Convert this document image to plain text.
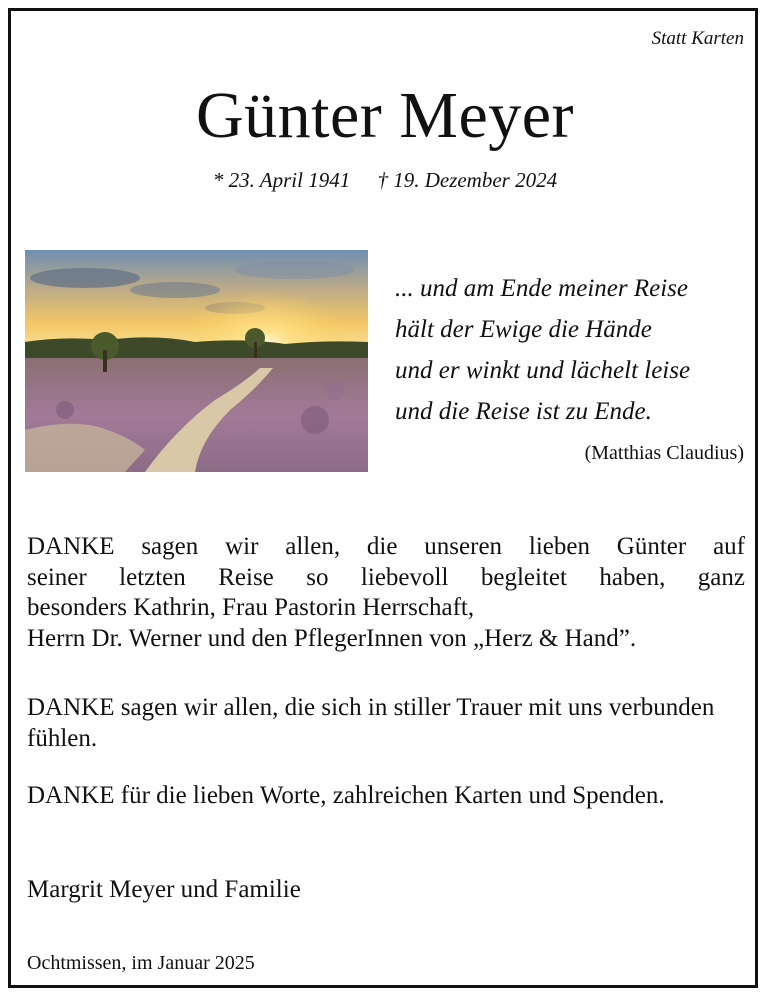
Statt Karten
Günter Meyer
* 23. April 1941 † 19. Dezember 2024
... und am Ende meiner Reise
hält der Ewige die Hände
und er winkt und lächelt leise
und die Reise ist zu Ende.
(Matthias Claudius)
DANKE sagen wir allen, die unseren lieben Günter auf
seiner letzten Reise so liebevoll begleitet haben, ganz
besonders Kathrin, Frau Pastorin Herrschaft,
Herrn Dr. Werner und den PflegerInnen von „Herz & Hand”.
DANKE sagen wir allen, die sich in stiller Trauer mit uns verbunden fühlen.
DANKE für die lieben Worte, zahlreichen Karten und Spenden.
Margrit Meyer und Familie
Ochtmissen, im Januar 2025
